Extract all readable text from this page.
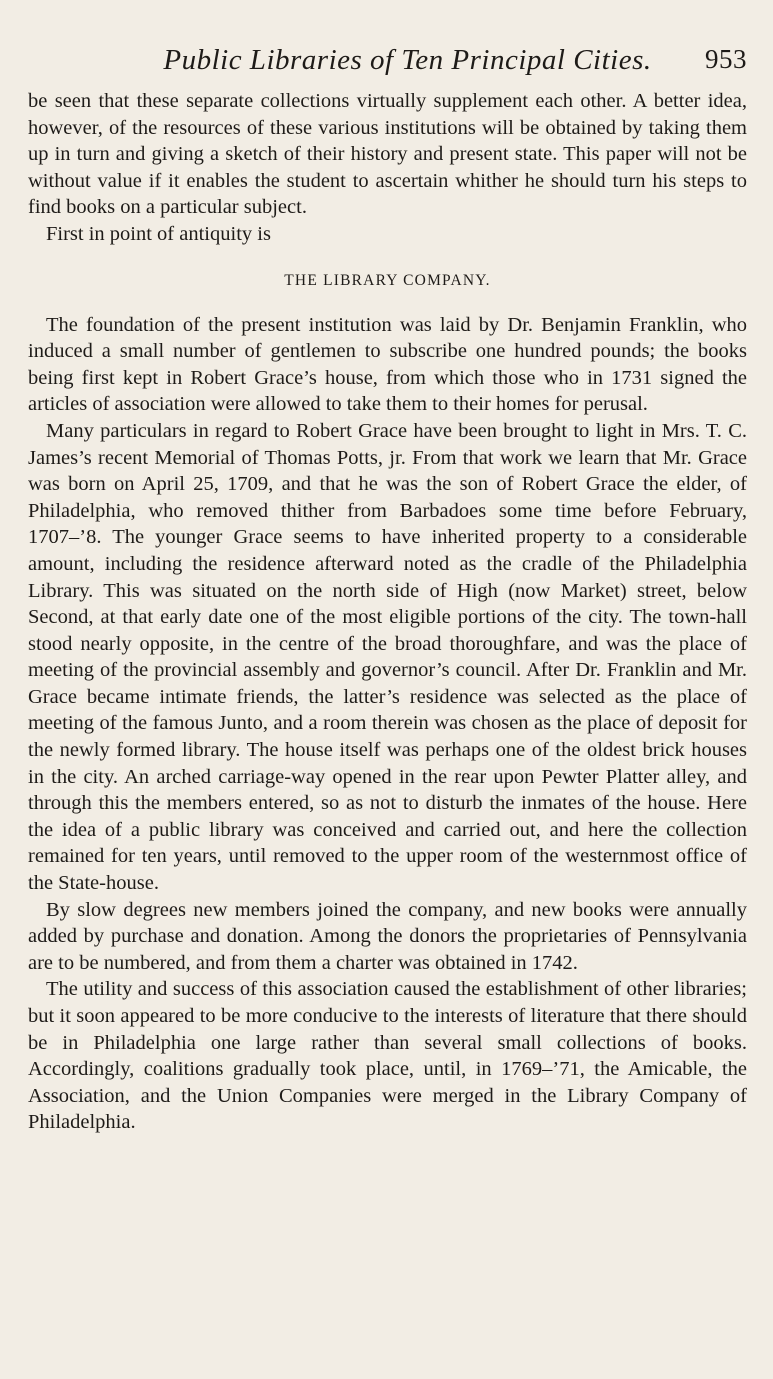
Public Libraries of Ten Principal Cities.	953

be seen that these separate collections virtually supplement each other. A better idea, however, of the resources of these various institutions will be obtained by taking them up in turn and giving a sketch of their history and present state. This paper will not be without value if it enables the student to ascertain whither he should turn his steps to find books on a particular subject.

First in point of antiquity is

THE LIBRARY COMPANY.

The foundation of the present institution was laid by Dr. Benjamin Franklin, who induced a small number of gentlemen to subscribe one hundred pounds; the books being first kept in Robert Grace’s house, from which those who in 1731 signed the articles of association were allowed to take them to their homes for perusal.

Many particulars in regard to Robert Grace have been brought to light in Mrs. T. C. James’s recent Memorial of Thomas Potts, jr. From that work we learn that Mr. Grace was born on April 25, 1709, and that he was the son of Robert Grace the elder, of Philadelphia, who removed thither from Barbadoes some time before February, 1707–’8. The younger Grace seems to have inherited property to a considerable amount, including the residence afterward noted as the cradle of the Philadelphia Library. This was situated on the north side of High (now Market) street, below Second, at that early date one of the most eligible portions of the city. The town-hall stood nearly opposite, in the centre of the broad thoroughfare, and was the place of meeting of the provincial assembly and governor’s council. After Dr. Franklin and Mr. Grace became intimate friends, the latter’s residence was selected as the place of meeting of the famous Junto, and a room therein was chosen as the place of deposit for the newly formed library. The house itself was perhaps one of the oldest brick houses in the city. An arched carriage-way opened in the rear upon Pewter Platter alley, and through this the members entered, so as not to disturb the inmates of the house. Here the idea of a public library was conceived and carried out, and here the collection remained for ten years, until removed to the upper room of the westernmost office of the State-house.

By slow degrees new members joined the company, and new books were annually added by purchase and donation. Among the donors the proprietaries of Pennsylvania are to be numbered, and from them a charter was obtained in 1742.

The utility and success of this association caused the establishment of other libraries; but it soon appeared to be more conducive to the interests of literature that there should be in Philadelphia one large rather than several small collections of books. Accordingly, coalitions gradually took place, until, in 1769–’71, the Amicable, the Association, and the Union Companies were merged in the Library Company of Philadelphia.
